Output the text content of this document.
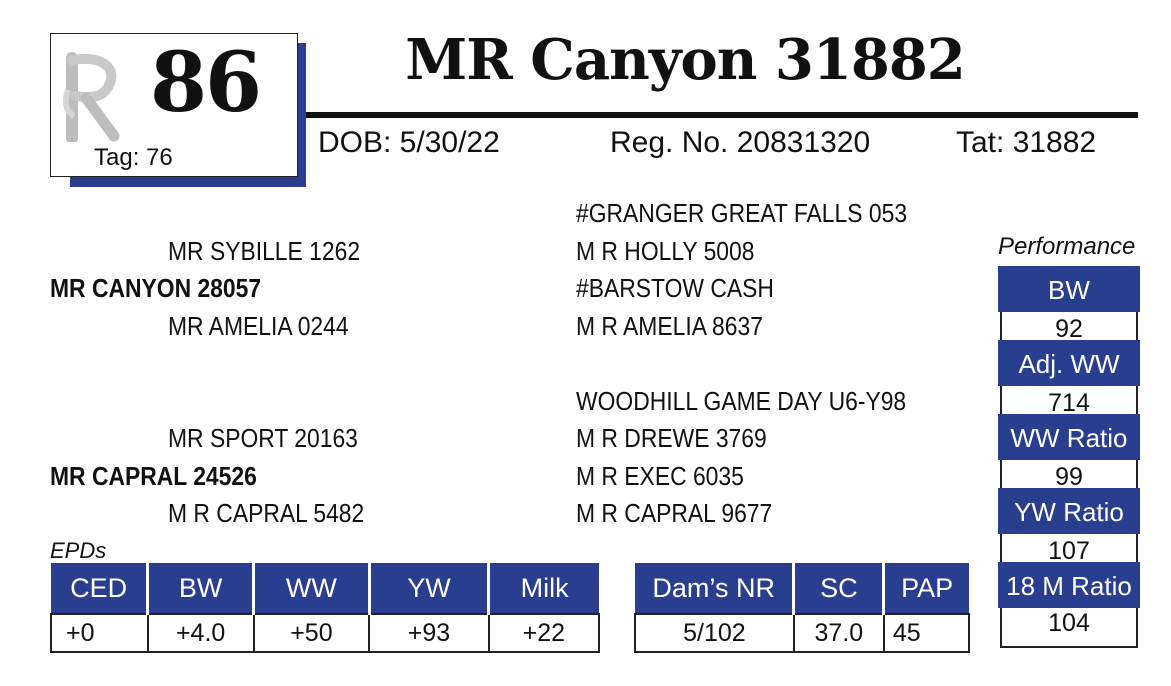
86
Tag: 76
MR Canyon 31882
DOB: 5/30/22	Reg. No. 20831320	Tat: 31882
#GRANGER GREAT FALLS 053
MR SYBILLE 1262	M R HOLLY 5008
MR CANYON 28057	#BARSTOW CASH
MR AMELIA 0244	M R AMELIA 8637
WOODHILL GAME DAY U6-Y98
MR SPORT 20163	M R DREWE 3769
MR CAPRAL 24526	M R EXEC 6035
M R CAPRAL 5482	M R CAPRAL 9677
Performance
BW
92
Adj. WW
714
WW Ratio
99
YW Ratio
107
18 M Ratio
104
EPDs
CED	BW	WW	YW	Milk
+0	+4.0	+50	+93	+22
Dam’s NR	SC	PAP
5/102	37.0	45
